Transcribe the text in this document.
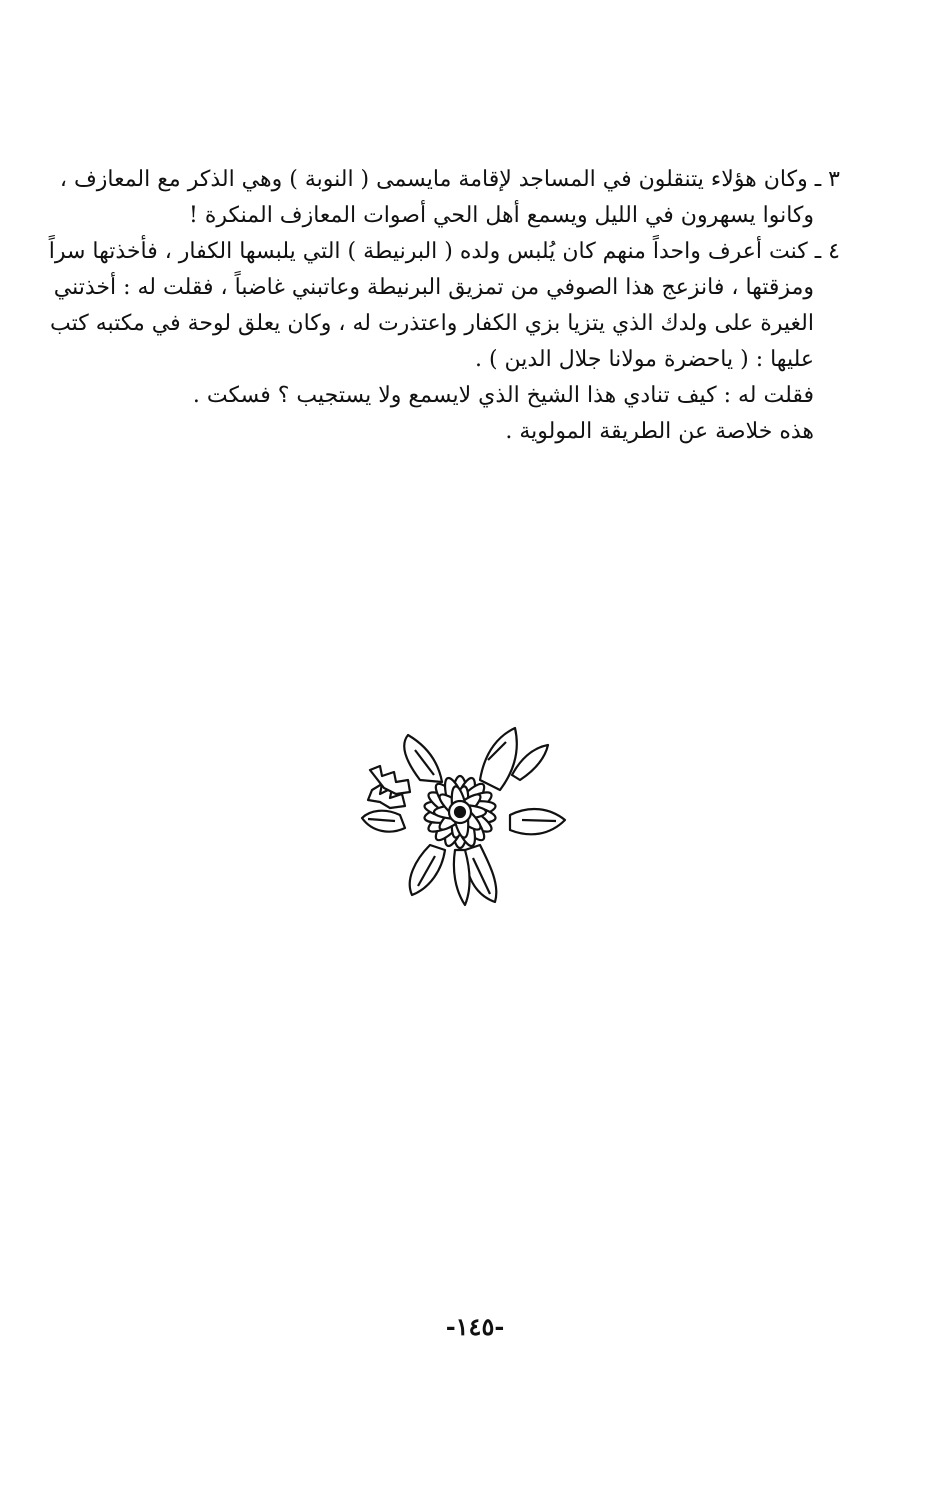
٣ ـ وكان هؤلاء يتنقلون في المساجد لإقامة مايسمى ( النوبة ) وهي الذكر مع المعازف ،
وكانوا يسهرون في الليل ويسمع أهل الحي أصوات المعازف المنكرة !
٤ ـ كنت أعرف واحداً منهم كان يُلبس ولده ( البرنيطة ) التي يلبسها الكفار ، فأخذتها سراً
ومزقتها ، فانزعج هذا الصوفي من تمزيق البرنيطة وعاتبني غاضباً ، فقلت له : أخذتني
الغيرة على ولدك الذي يتزيا بزي الكفار واعتذرت له ، وكان يعلق لوحة في مكتبه كتب
عليها : ( ياحضرة مولانا جلال الدين ) .
فقلت له : كيف تنادي هذا الشيخ الذي لايسمع ولا يستجيب ؟ فسكت .
هذه خلاصة عن الطريقة المولوية .
-١٤٥-
